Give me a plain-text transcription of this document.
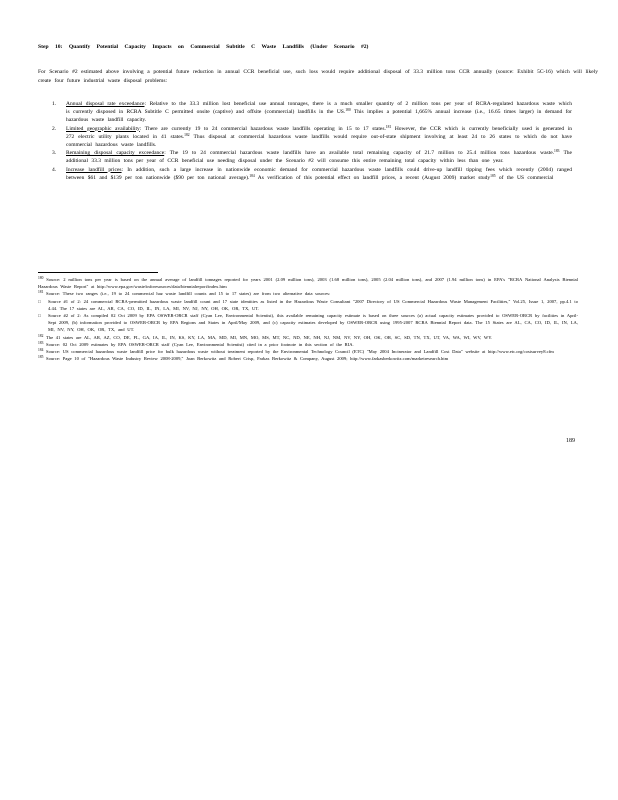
Step 10: Quantify Potential Capacity Impacts on Commercial Subtitle C Waste Landfills (Under Scenario #2)
For Scenario #2 estimated above involving a potential future reduction in annual CCR beneficial use, such loss would require additional disposal of 33.3 million tons CCR annually (source: Exhibit 5C-16) which will likely create four future industrial waste disposal problems:
1. Annual disposal rate exceedance: Relative to the 33.3 million lost beneficial use annual tonnages, there is a much smaller quantity of 2 million tons per year of RCRA-regulated hazardous waste which is currently disposed in RCRA Subtitle C permitted onsite (captive) and offsite (commercial) landfills in the US.$^{180}$ This implies a potential 1,665% annual increase (i.e., 16.65 times larger) in demand for hazardous waste landfill capacity.
2. Limited geographic availability: There are currently 19 to 24 commercial hazardous waste landfills operating in 15 to 17 states.$^{181}$ However, the CCR which is currently beneficially used is generated in 272 electric utility plants located in 41 states.$^{182}$ Thus disposal at commercial hazardous waste landfills would require out-of-state shipment involving at least 24 to 26 states to which do not have commercial hazardous waste landfills.
3. Remaining disposal capacity exceedance: The 19 to 24 commercial hazardous waste landfills have an available total remaining capacity of 21.7 million to 25.4 million tons hazardous waste.$^{183}$ The additional 33.3 million tons per year of CCR beneficial use needing disposal under the Scenario #2 will consume this entire remaining total capacity within less than one year.
4. Increase landfill prices: In addition, such a large increase in nationwide economic demand for commercial hazardous waste landfills could drive-up landfill tipping fees which recently (2004) ranged between $61 and $139 per ton nationwide ($90 per ton national average).$^{184}$ As verification of this potential effect on landfill prices, a recent (August 2009) market study$^{185}$ of the US commercial
$^{180}$ Source: 2 million tons per year is based on the annual average of landfill tonnages reported for years 2001 (2.09 million tons), 2003 (1.68 million tons), 2005 (2.04 million tons), and 2007 (1.94 million tons) in EPA's "RCRA National Analysis Biennial Hazardous Waste Report" at http://www.epa.gov/waste/inforesources/data/biennialreport/index.htm
$^{181}$ Source: These two ranges (i.e., 19 to 24 commercial haz waste landfill counts and 15 to 17 states) are from two alternative data sources:
□ Source #1 of 2: 24 commercial RCRA-permitted hazardous waste landfill count and 17 state identities as listed in the Hazardous Waste Consultant "2007 Directory of US Commercial Hazardous Waste Management Facilities," Vol.25, Issue 1, 2007, pp.4.1 to 4.44. The 17 states are AL, AR, CA, CO, ID, IL, IN, LA, MI, NV, NJ, NY, OH, OK, OR, TX, UT.
□ Source #2 of 2: As compiled 02 Oct 2009 by EPA OSWER-ORCR staff (Cyan Lee, Environmental Scientist), this available remaining capacity estimate is based on three sources (a) actual capacity estimates provided to OSWER-ORCR by facilities in April-Sept 2009, (b) information provided to OSWER-ORCR by EPA Regions and States in April/May 2009, and (c) capacity estimates developed by OSWER-ORCR using 1995-2007 RCRA Biennial Report data. The 15 States are AL, CA, CO, ID, IL, IN, LA, MI, NV, NY, OH, OK, OR, TX, and UT.
$^{182}$ The 41 states are AL, AR, AZ, CO, DE, FL, GA, IA, IL, IN, KS, KY, LA, MA, MD, MI, MN, MO, MS, MT, NC, ND, NE, NH, NJ, NM, NV, NY, OH, OK, OR, SC, SD, TN, TX, UT, VA, WA, WI, WV, WY.
$^{183}$ Source: 02 Oct 2009 estimates by EPA OSWER-ORCR staff (Cyan Lee, Environmental Scientist) cited in a prior footnote in this section of the RIA.
$^{184}$ Source: US commercial hazardous waste landfill price for bulk hazardous waste without treatment reported by the Environmental Technology Council (ETC) "May 2004 Incinerator and Landfill Cost Data" website at http://www.etc.org/costsurvey8.cfm
$^{185}$ Source: Page 10 of "Hazardous Waste Industry Review 2008-2009," Joan Berkowitz and Robert Crisp, Farkas Berkowitz & Company, August 2009; http://www.farkasberkowitz.com/marketresearch.htm
189
